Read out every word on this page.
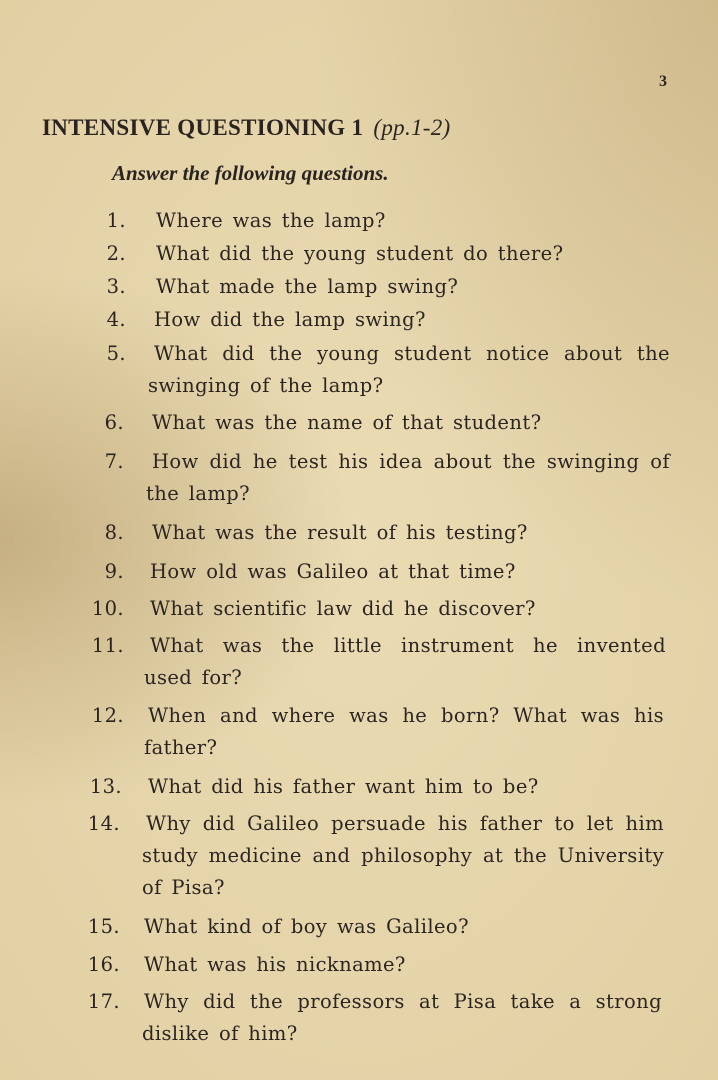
3
INTENSIVE QUESTIONING 1 (pp.1-2)
Answer the following questions.
1. Where was the lamp?
2. What did the young student do there?
3. What made the lamp swing?
4. How did the lamp swing?
5.	What did the young student notice about the swinging of the lamp?
6. What was the name of that student?
7.	How did he test his idea about the swinging of the lamp?
8. What was the result of his testing?
9. How old was Galileo at that time?
10. What scientific law did he discover?
11.	What was the little instrument he invented used for?
12.	When and where was he born? What was his father?
13. What did his father want him to be?
14.	Why did Galileo persuade his father to let him study medicine and philosophy at the University of Pisa?
15. What kind of boy was Galileo?
16. What was his nickname?
17.	Why did the professors at Pisa take a strong dislike of him?
